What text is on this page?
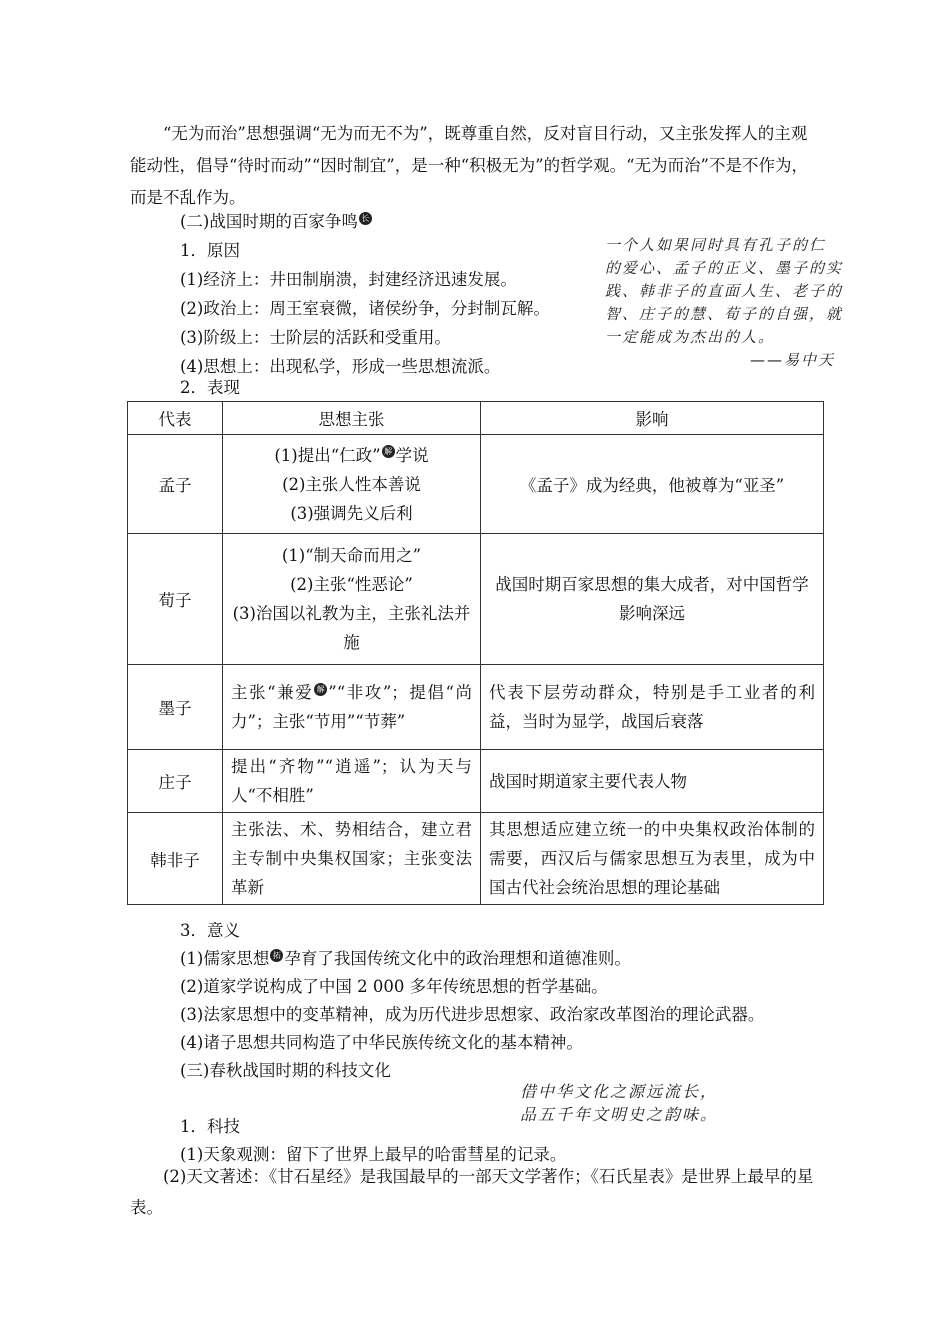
“无为而治”思想强调“无为而无不为”，既尊重自然，反对盲目行动，又主张发挥人的主观能动性，倡导“待时而动”“因时制宜”，是一种“积极无为”的哲学观。“无为而治”不是不作为，而是不乱作为。

(二)战国时期的百家争鸣 长

1．原因

(1)经济上：井田制崩溃，封建经济迅速发展。

(2)政治上：周王室衰微，诸侯纷争，分封制瓦解。

(3)阶级上：士阶层的活跃和受重用。

(4)思想上：出现私学，形成一些思想流派。

2．表现

一个人如果同时具有孔子的仁
的爱心、孟子的正义、墨子的实
践、韩非子的直面人生、老子的
智、庄子的慧、荀子的自强，就
一定能成为杰出的人。
——易中天
代表	思想主张	影响
孟子	(1)提出“仁政” 解 学说
(2)主张人性本善说
(3)强调先义后利	《孟子》成为经典，他被尊为“亚圣”
荀子	(1)“制天命而用之”
(2)主张“性恶论”
(3)治国以礼教为主，主张礼法并施	战国时期百家思想的集大成者，对中国哲学影响深远
墨子	主张“兼爱 解 ”“非攻”；提倡“尚力”；主张“节用”“节葬”	代表下层劳动群众，特别是手工业者的利益，当时为显学，战国后衰落
庄子	提出“齐物”“逍遥”；认为天与人“不相胜”	战国时期道家主要代表人物
韩非子	主张法、术、势相结合，建立君主专制中央集权国家；主张变法革新	其思想适应建立统一的中央集权政治体制的需要，西汉后与儒家思想互为表里，成为中国古代社会统治思想的理论基础

3．意义

(1)儒家思想 拓 孕育了我国传统文化中的政治理想和道德准则。

(2)道家学说构成了中国 2 000 多年传统思想的哲学基础。

(3)法家思想中的变革精神，成为历代进步思想家、政治家改革图治的理论武器。

(4)诸子思想共同构造了中华民族传统文化的基本精神。

(三)春秋战国时期的科技文化

借中华文化之源远流长，
品五千年文明史之韵味。

1．科技

(1)天象观测：留下了世界上最早的哈雷彗星的记录。

(2)天文著述：《甘石星经》是我国最早的一部天文学著作；《石氏星表》是世界上最早的星表。
